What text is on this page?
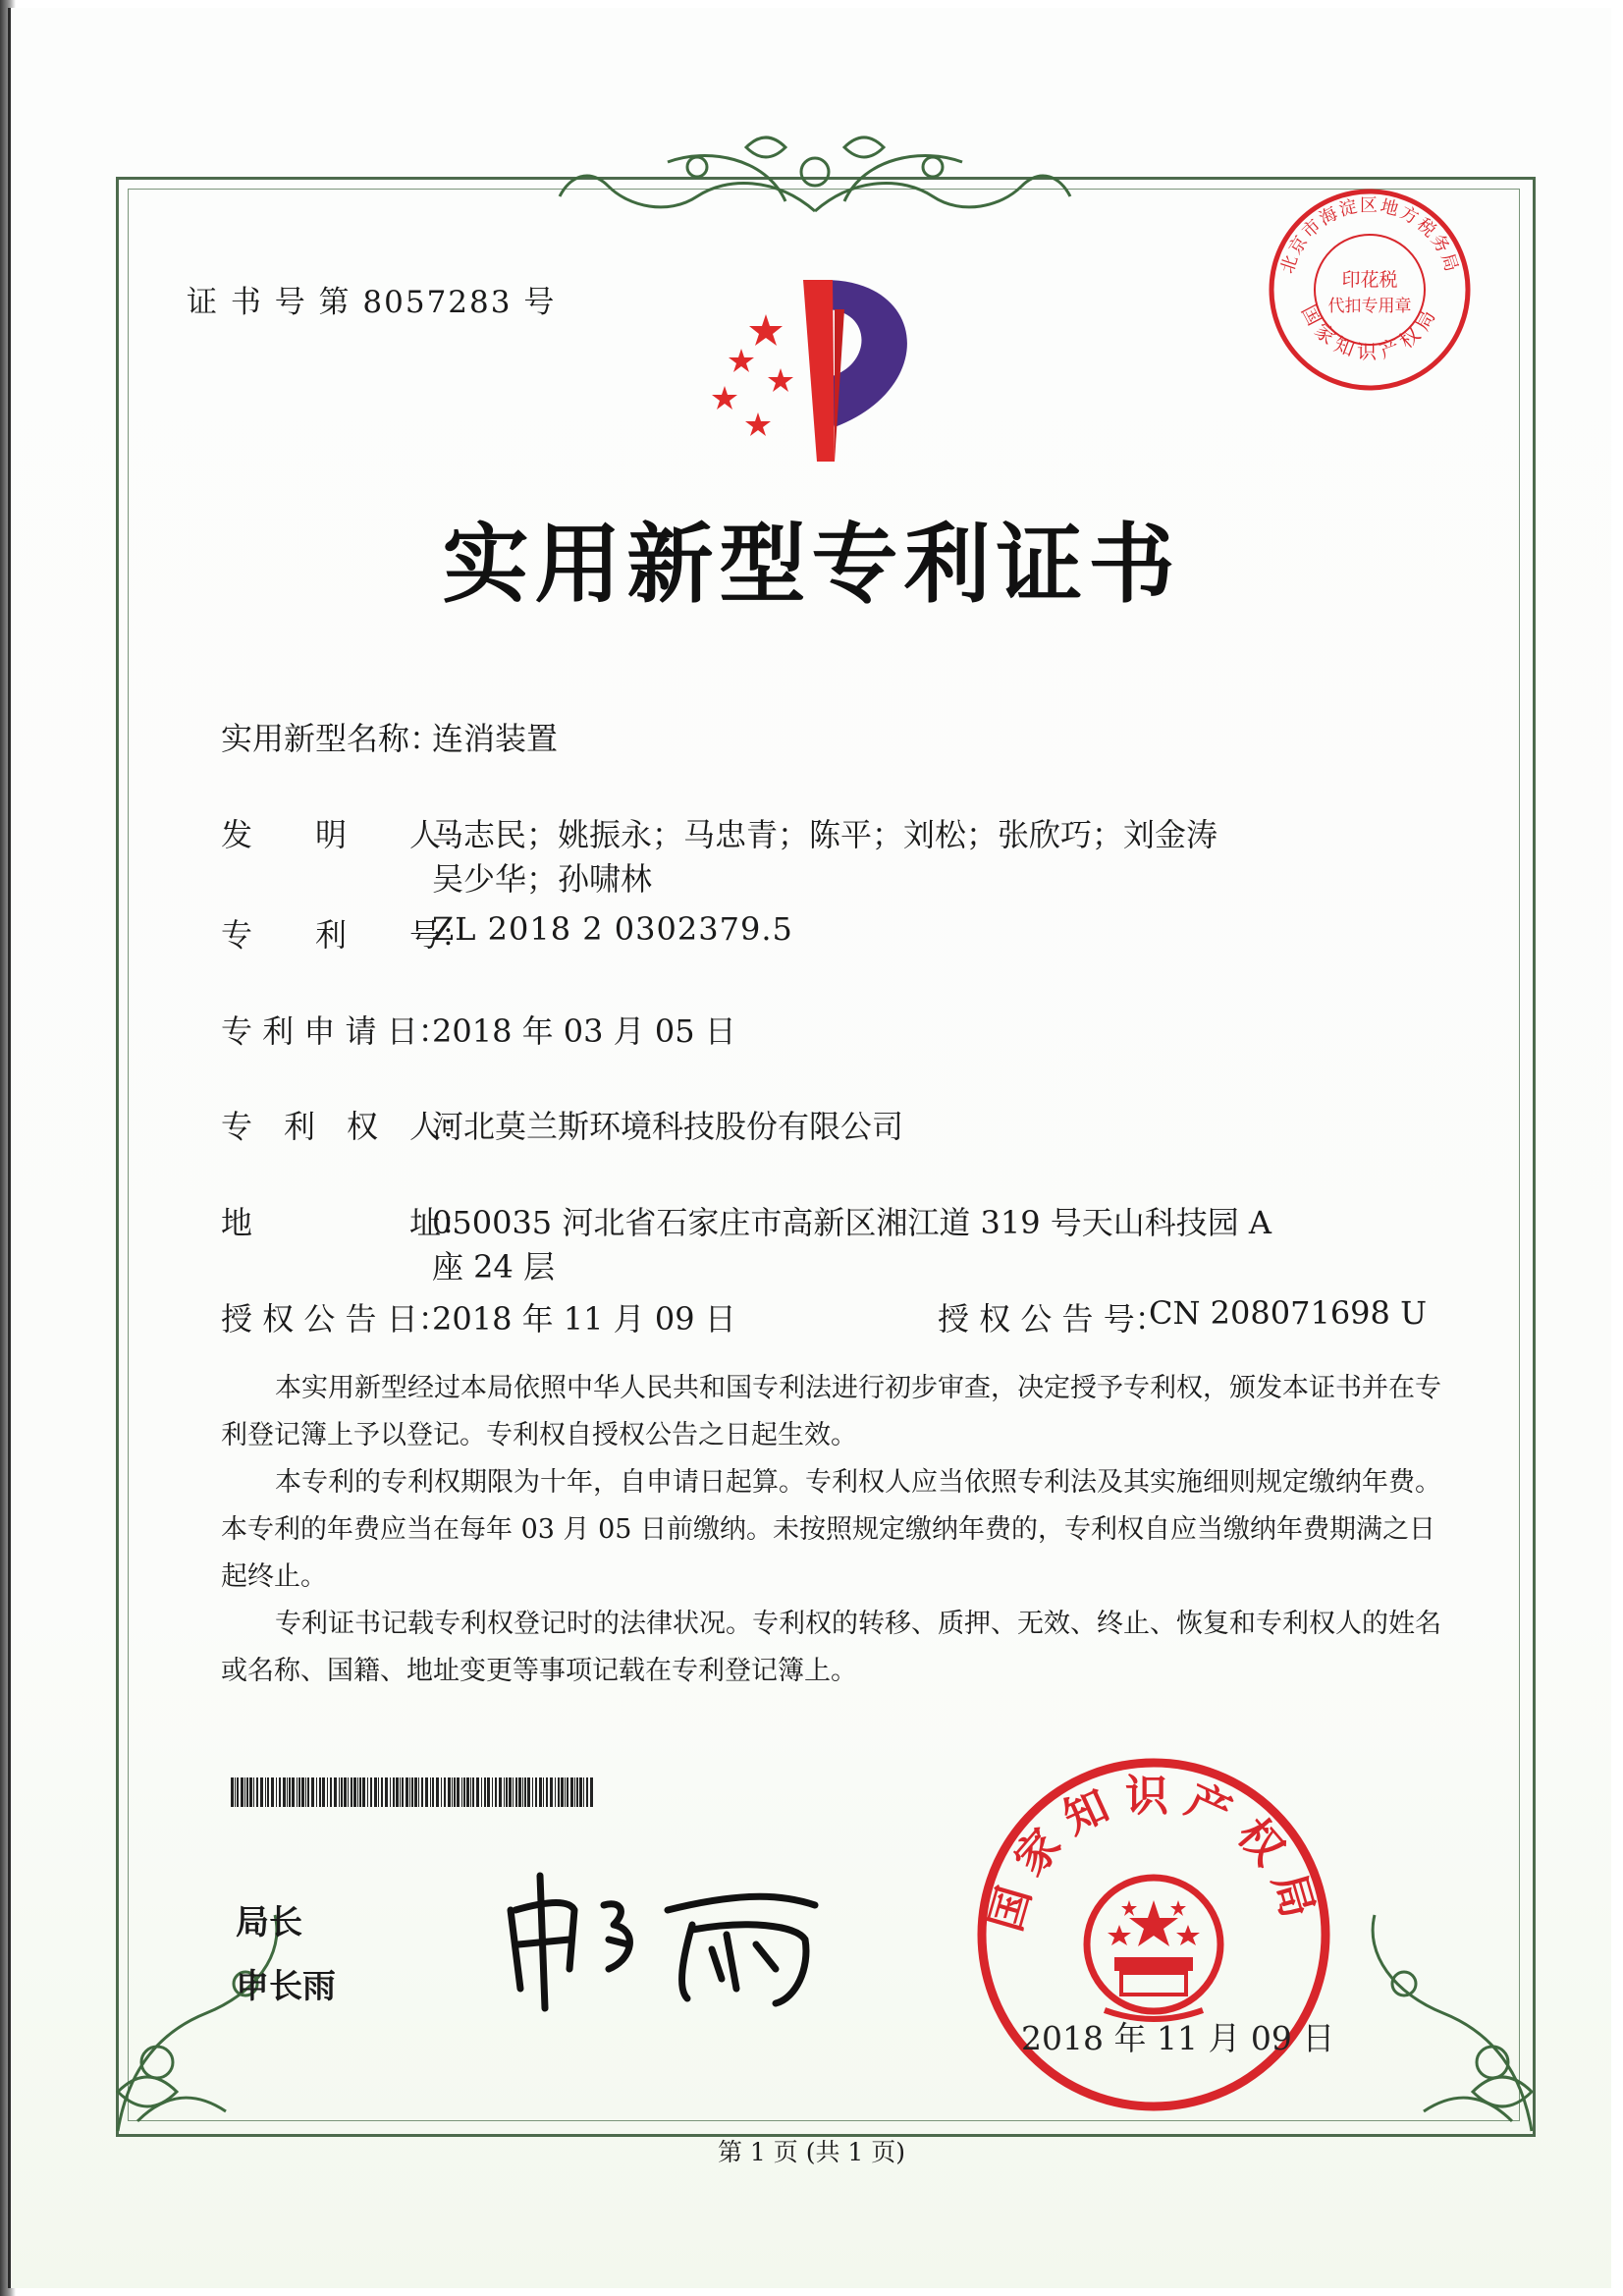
证 书 号 第 8057283 号
北京市海淀区地方税务局
国家知识产权局
印花税
代扣专用章
实用新型专利证书
实用新型名称：
连消装置
发　　明　　人：
马志民；姚振永；马忠青；陈平；刘松；张欣巧；刘金涛
吴少华；孙啸林
专　　利　　号：
ZL 2018 2 0302379.5
专 利 申 请 日：
2018 年 03 月 05 日
专　利　权　人：
河北莫兰斯环境科技股份有限公司
地　　　　　址：
050035 河北省石家庄市高新区湘江道 319 号天山科技园 A
座 24 层
授 权 公 告 日：
2018 年 11 月 09 日	授 权 公 告 号：
CN 208071698 U
本实用新型经过本局依照中华人民共和国专利法进行初步审查，决定授予专利权，颁发本证书并在专利登记簿上予以登记。专利权自授权公告之日起生效。
本专利的专利权期限为十年，自申请日起算。专利权人应当依照专利法及其实施细则规定缴纳年费。本专利的年费应当在每年 03 月 05 日前缴纳。未按照规定缴纳年费的，专利权自应当缴纳年费期满之日起终止。
专利证书记载专利权登记时的法律状况。专利权的转移、质押、无效、终止、恢复和专利权人的姓名或名称、国籍、地址变更等事项记载在专利登记簿上。
局长
申长雨
国家知识产权局
2018 年 11 月 09 日
第 1 页 (共 1 页)
